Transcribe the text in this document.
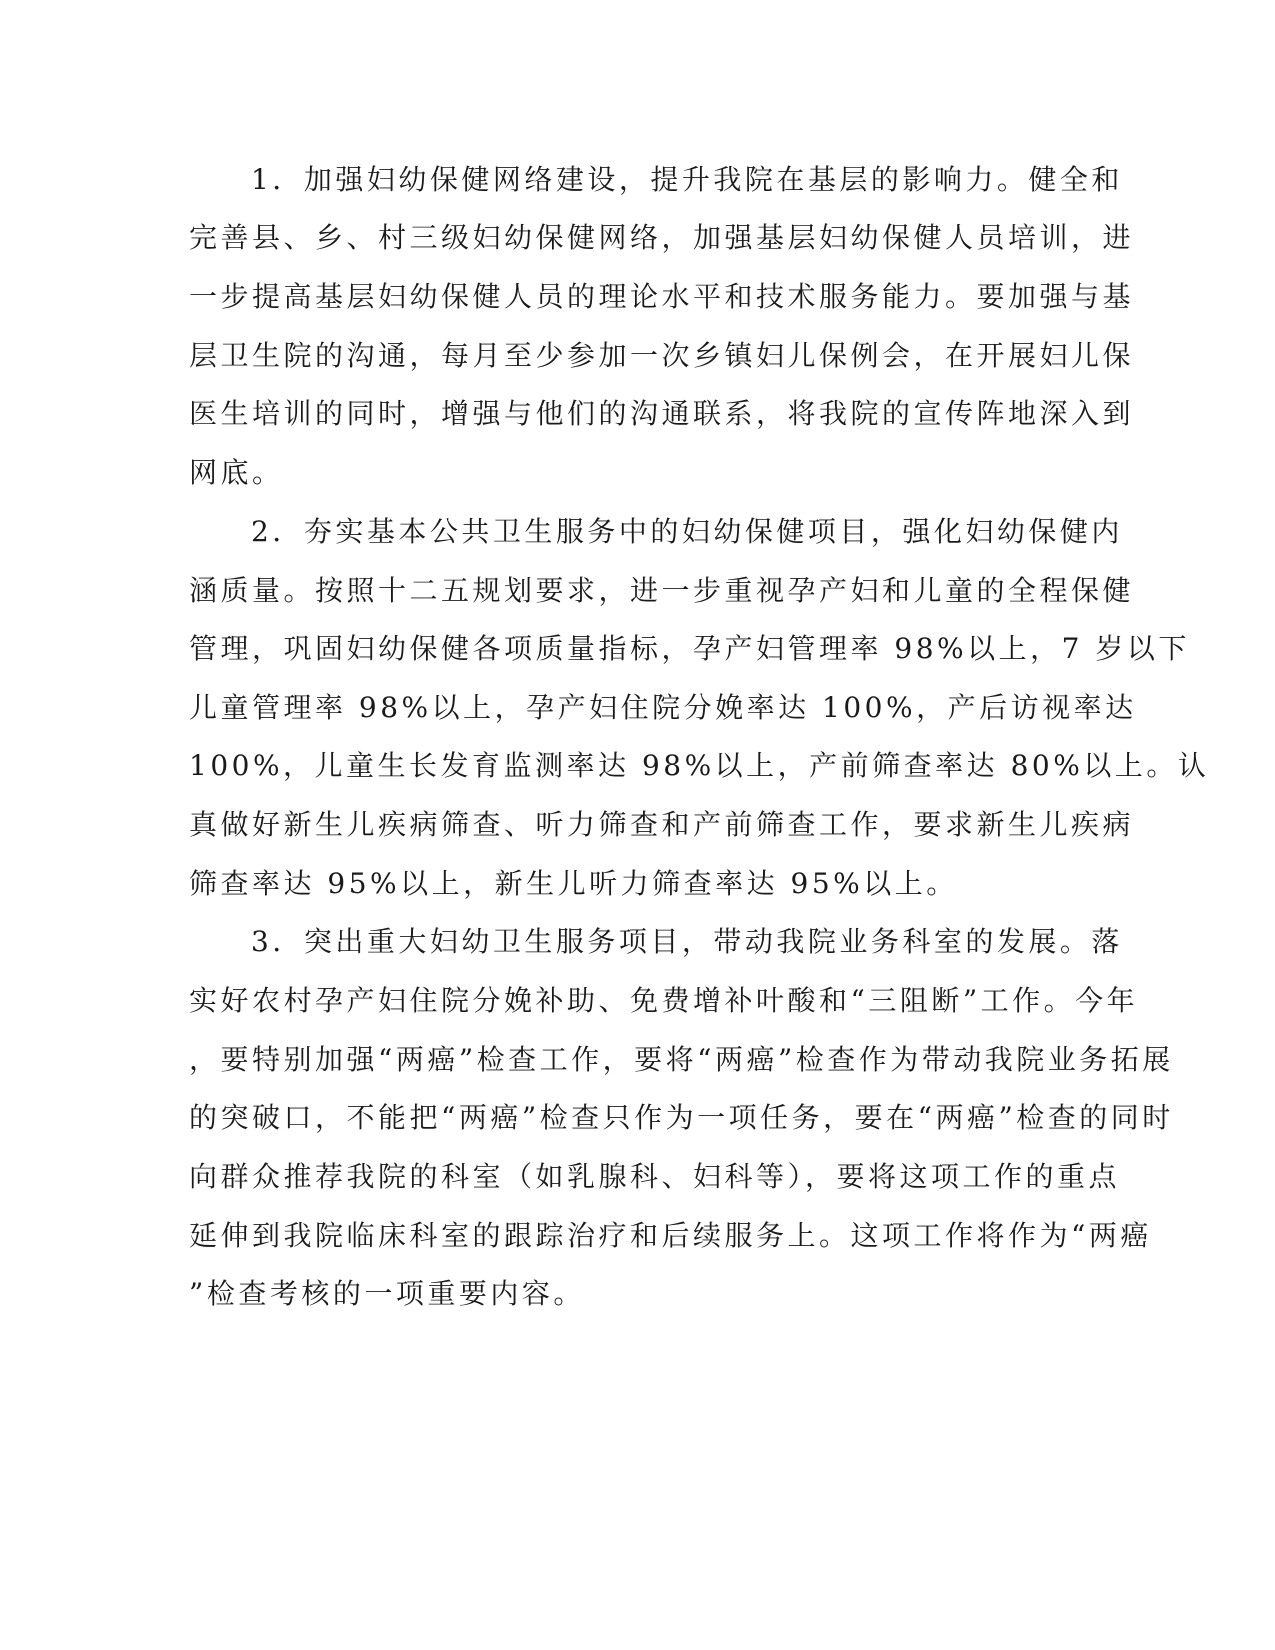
1．加强妇幼保健网络建设，提升我院在基层的影响力。健全和
完善县、乡、村三级妇幼保健网络，加强基层妇幼保健人员培训，进
一步提高基层妇幼保健人员的理论水平和技术服务能力。要加强与基
层卫生院的沟通，每月至少参加一次乡镇妇儿保例会，在开展妇儿保
医生培训的同时，增强与他们的沟通联系，将我院的宣传阵地深入到
网底。
2．夯实基本公共卫生服务中的妇幼保健项目，强化妇幼保健内
涵质量。按照十二五规划要求，进一步重视孕产妇和儿童的全程保健
管理，巩固妇幼保健各项质量指标，孕产妇管理率 98%以上，7 岁以下
儿童管理率 98%以上，孕产妇住院分娩率达 100%，产后访视率达
100%，儿童生长发育监测率达 98%以上，产前筛查率达 80%以上。认
真做好新生儿疾病筛查、听力筛查和产前筛查工作，要求新生儿疾病
筛查率达 95%以上，新生儿听力筛查率达 95%以上。
3．突出重大妇幼卫生服务项目，带动我院业务科室的发展。落
实好农村孕产妇住院分娩补助、免费增补叶酸和“三阻断”工作。今年
，要特别加强“两癌”检查工作，要将“两癌”检查作为带动我院业务拓展
的突破口，不能把“两癌”检查只作为一项任务，要在“两癌”检查的同时
向群众推荐我院的科室（如乳腺科、妇科等），要将这项工作的重点
延伸到我院临床科室的跟踪治疗和后续服务上。这项工作将作为“两癌
”检查考核的一项重要内容。
